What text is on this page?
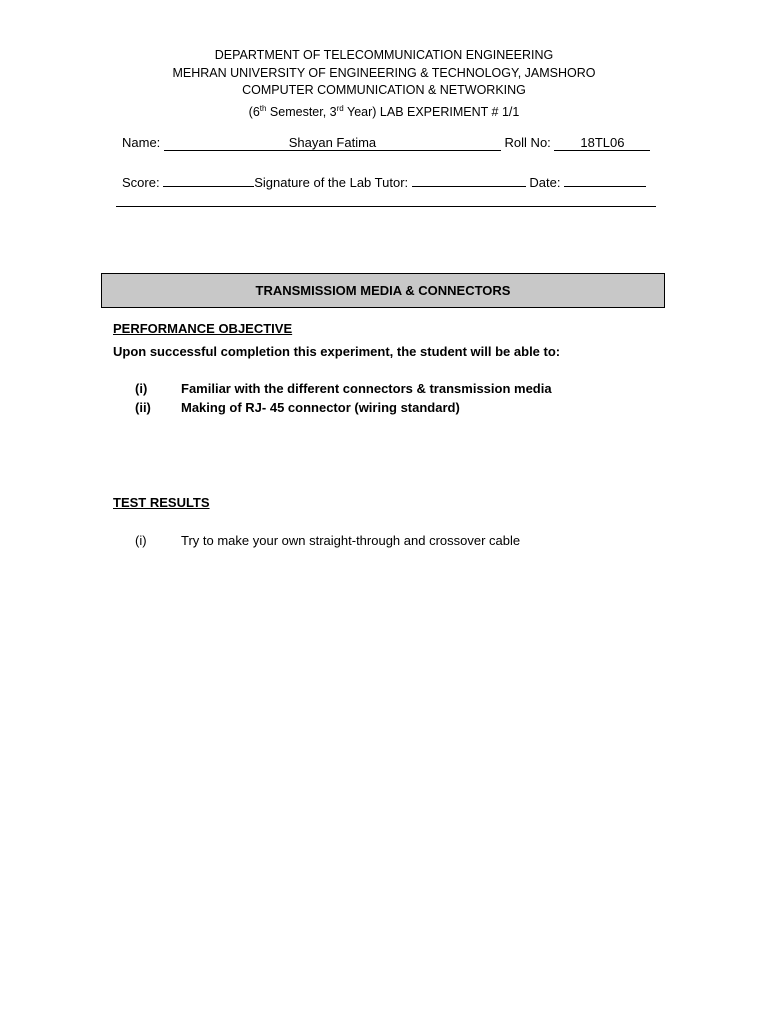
DEPARTMENT OF TELECOMMUNICATION ENGINEERING
MEHRAN UNIVERSITY OF ENGINEERING & TECHNOLOGY, JAMSHORO
COMPUTER COMMUNICATION & NETWORKING
(6th Semester, 3rd Year) LAB EXPERIMENT # 1/1
Name:	Shayan Fatima	Roll No: 18TL06
Score:	Signature of the Lab Tutor:	Date:
TRANSMISSIOM MEDIA & CONNECTORS
PERFORMANCE OBJECTIVE
Upon successful completion this experiment, the student will be able to:
(i)	Familiar with the different connectors & transmission media
(ii) Making of RJ- 45 connector (wiring standard)
TEST RESULTS
(i)	Try to make your own straight-through and crossover cable
